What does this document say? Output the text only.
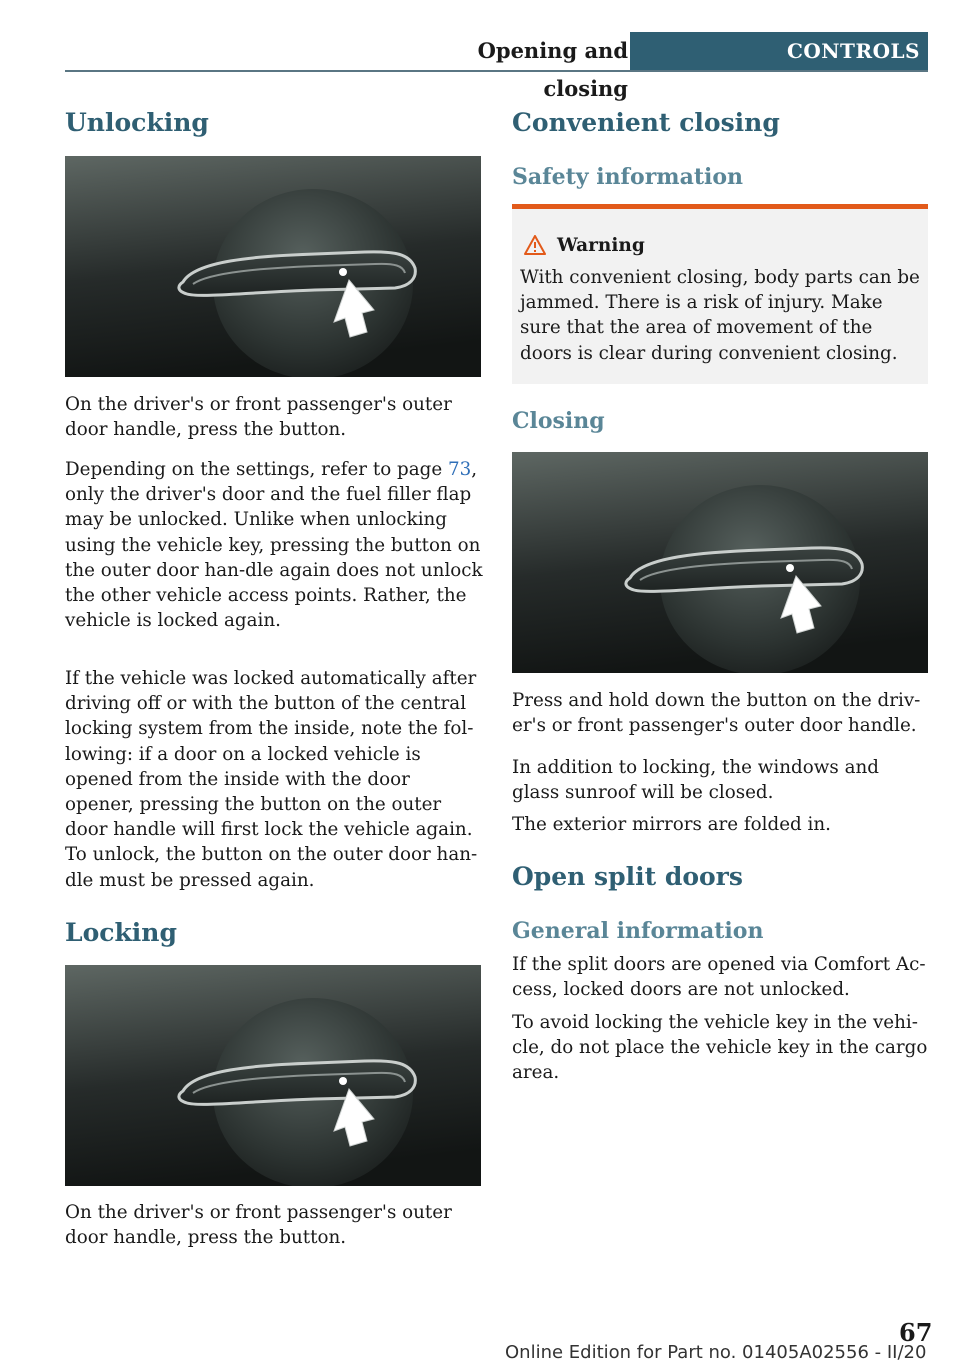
Opening and closing
CONTROLS
Unlocking

On the driver's or front passenger's outer door handle, press the button.

Depending on the settings, refer to page 73, only the driver's door and the fuel filler flap may be unlocked. Unlike when unlocking using the vehicle key, pressing the button on the outer door han‐dle again does not unlock the other vehicle access points. Rather, the vehicle is locked again.

If the vehicle was locked automatically after driving off or with the button of the central locking system from the inside, note the fol‐lowing: if a door on a locked vehicle is opened from the inside with the door opener, pressing the button on the outer door handle will first lock the vehicle again. To unlock, the button on the outer door han‐dle must be pressed again.

Locking

On the driver's or front passenger's outer door handle, press the button.

Convenient closing
Safety information
Warning

With convenient closing, body parts can be jammed. There is a risk of injury. Make sure that the area of movement of the doors is clear during convenient closing.

Closing

Press and hold down the button on the driv‐er's or front passenger's outer door handle.

In addition to locking, the windows and glass sunroof will be closed.

The exterior mirrors are folded in.

Open split doors
General information

If the split doors are opened via Comfort Ac‐cess, locked doors are not unlocked.

To avoid locking the vehicle key in the vehi‐cle, do not place the vehicle key in the cargo area.

67
Online Edition for Part no. 01405A02556 - II/20
